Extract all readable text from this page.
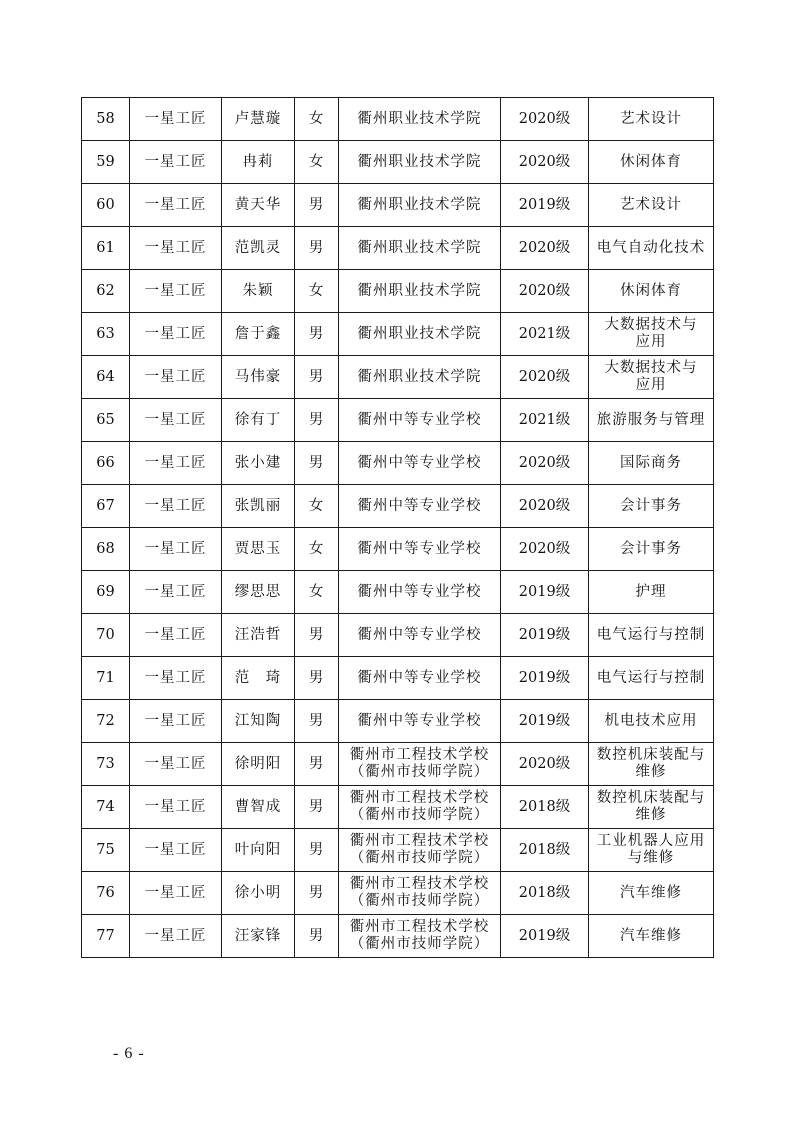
58	一星工匠	卢慧璇	女	衢州职业技术学院	2020级	艺术设计

59	一星工匠	冉莉	女	衢州职业技术学院	2020级	休闲体育

60	一星工匠	黄天华	男	衢州职业技术学院	2019级	艺术设计

61	一星工匠	范凯灵	男	衢州职业技术学院	2020级	电气自动化技术

62	一星工匠	朱颖	女	衢州职业技术学院	2020级	休闲体育

63	一星工匠	詹于鑫	男	衢州职业技术学院	2021级	大数据技术与
应用

64	一星工匠	马伟豪	男	衢州职业技术学院	2020级	大数据技术与
应用

65	一星工匠	徐有丁	男	衢州中等专业学校	2021级	旅游服务与管理

66	一星工匠	张小建	男	衢州中等专业学校	2020级	国际商务

67	一星工匠	张凯丽	女	衢州中等专业学校	2020级	会计事务

68	一星工匠	贾思玉	女	衢州中等专业学校	2020级	会计事务

69	一星工匠	缪思思	女	衢州中等专业学校	2019级	护理

70	一星工匠	汪浩哲	男	衢州中等专业学校	2019级	电气运行与控制

71	一星工匠	范　琦	男	衢州中等专业学校	2019级	电气运行与控制

72	一星工匠	江知陶	男	衢州中等专业学校	2019级	机电技术应用

73	一星工匠	徐明阳	男	衢州市工程技术学校
（衢州市技师学院）	2020级	数控机床装配与
维修

74	一星工匠	曹智成	男	衢州市工程技术学校
（衢州市技师学院）	2018级	数控机床装配与
维修

75	一星工匠	叶向阳	男	衢州市工程技术学校
（衢州市技师学院）	2018级	工业机器人应用
与维修

76	一星工匠	徐小明	男	衢州市工程技术学校
（衢州市技师学院）	2018级	汽车维修

77	一星工匠	汪家锋	男	衢州市工程技术学校
（衢州市技师学院）	2019级	汽车维修
- 6 -
